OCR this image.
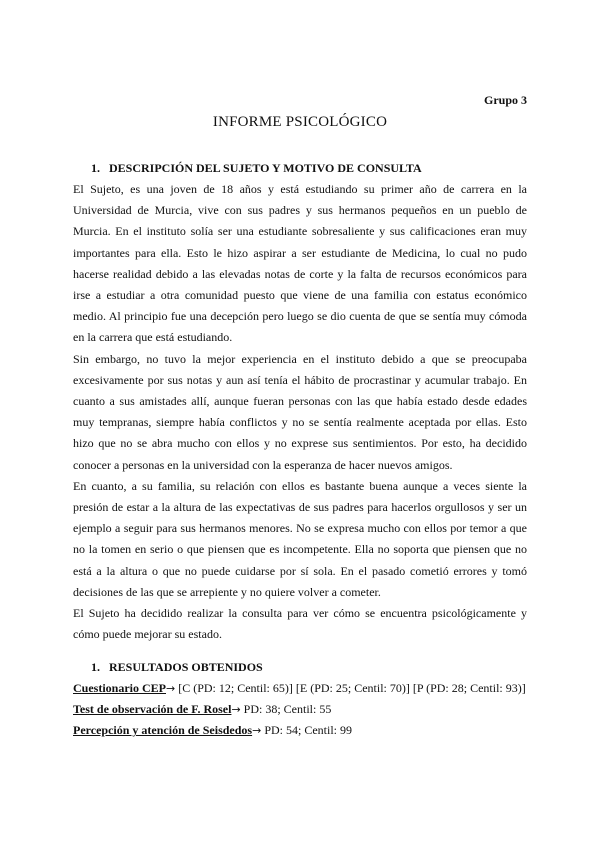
Grupo 3
INFORME PSICOLÓGICO
1. DESCRIPCIÓN DEL SUJETO Y MOTIVO DE CONSULTA

El Sujeto, es una joven de 18 años y está estudiando su primer año de carrera en la Universidad de Murcia, vive con sus padres y sus hermanos pequeños en un pueblo de Murcia. En el instituto solía ser una estudiante sobresaliente y sus calificaciones eran muy importantes para ella. Esto le hizo aspirar a ser estudiante de Medicina, lo cual no pudo hacerse realidad debido a las elevadas notas de corte y la falta de recursos económicos para irse a estudiar a otra comunidad puesto que viene de una familia con estatus económico medio. Al principio fue una decepción pero luego se dio cuenta de que se sentía muy cómoda en la carrera que está estudiando.

Sin embargo, no tuvo la mejor experiencia en el instituto debido a que se preocupaba excesivamente por sus notas y aun así tenía el hábito de procrastinar y acumular trabajo. En cuanto a sus amistades allí, aunque fueran personas con las que había estado desde edades muy tempranas, siempre había conflictos y no se sentía realmente aceptada por ellas. Esto hizo que no se abra mucho con ellos y no exprese sus sentimientos. Por esto, ha decidido conocer a personas en la universidad con la esperanza de hacer nuevos amigos.

En cuanto, a su familia, su relación con ellos es bastante buena aunque a veces siente la presión de estar a la altura de las expectativas de sus padres para hacerlos orgullosos y ser un ejemplo a seguir para sus hermanos menores. No se expresa mucho con ellos por temor a que no la tomen en serio o que piensen que es incompetente. Ella no soporta que piensen que no está a la altura o que no puede cuidarse por sí sola. En el pasado cometió errores y tomó decisiones de las que se arrepiente y no quiere volver a cometer.

El Sujeto ha decidido realizar la consulta para ver cómo se encuentra psicológicamente y cómo puede mejorar su estado.

1. RESULTADOS OBTENIDOS

Cuestionario CEP→ [C (PD: 12; Centil: 65)] [E (PD: 25; Centil: 70)] [P (PD: 28; Centil: 93)]

Test de observación de F. Rosel→ PD: 38; Centil: 55

Percepción y atención de Seisdedos→ PD: 54; Centil: 99
